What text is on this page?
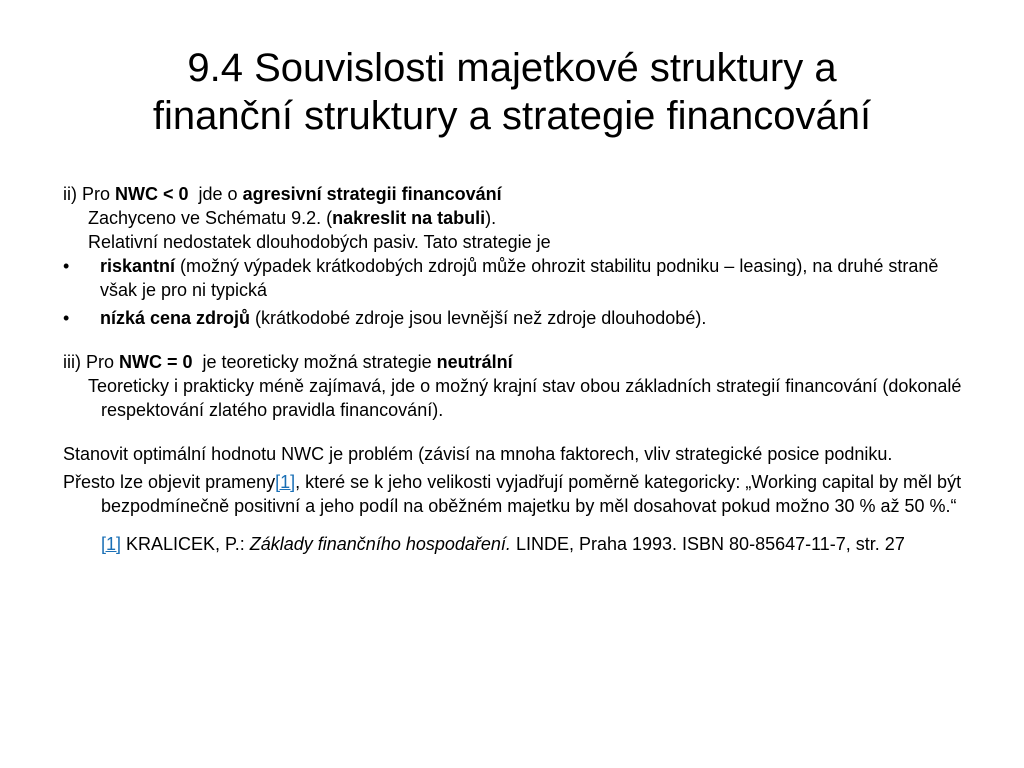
9.4 Souvislosti majetkové struktury a
finanční struktury a strategie financování

ii) Pro NWC < 0  jde o agresivní strategii financování

Zachyceno ve Schématu 9.2. (nakreslit na tabuli).

Relativní nedostatek dlouhodobých pasiv. Tato strategie je

• riskantní (možný výpadek krátkodobých zdrojů může ohrozit stabilitu podniku – leasing), na druhé straně však je pro ni typická
• nízká cena zdrojů (krátkodobé zdroje jsou levnější než zdroje dlouhodobé).

iii) Pro NWC = 0  je teoreticky možná strategie neutrální

Teoreticky i prakticky méně zajímavá, jde o možný krajní stav obou základních strategií financování (dokonalé respektování zlatého pravidla financování).

Stanovit optimální hodnotu NWC je problém (závisí na mnoha faktorech, vliv strategické posice podniku.

Přesto lze objevit prameny[1], které se k jeho velikosti vyjadřují poměrně kategoricky: „Working capital by měl být bezpodmínečně positivní a jeho podíl na oběžném majetku by měl dosahovat pokud možno 30 % až 50 %.“

[1] KRALICEK, P.: Základy finančního hospodaření. LINDE, Praha 1993. ISBN 80-85647-11-7, str. 27
